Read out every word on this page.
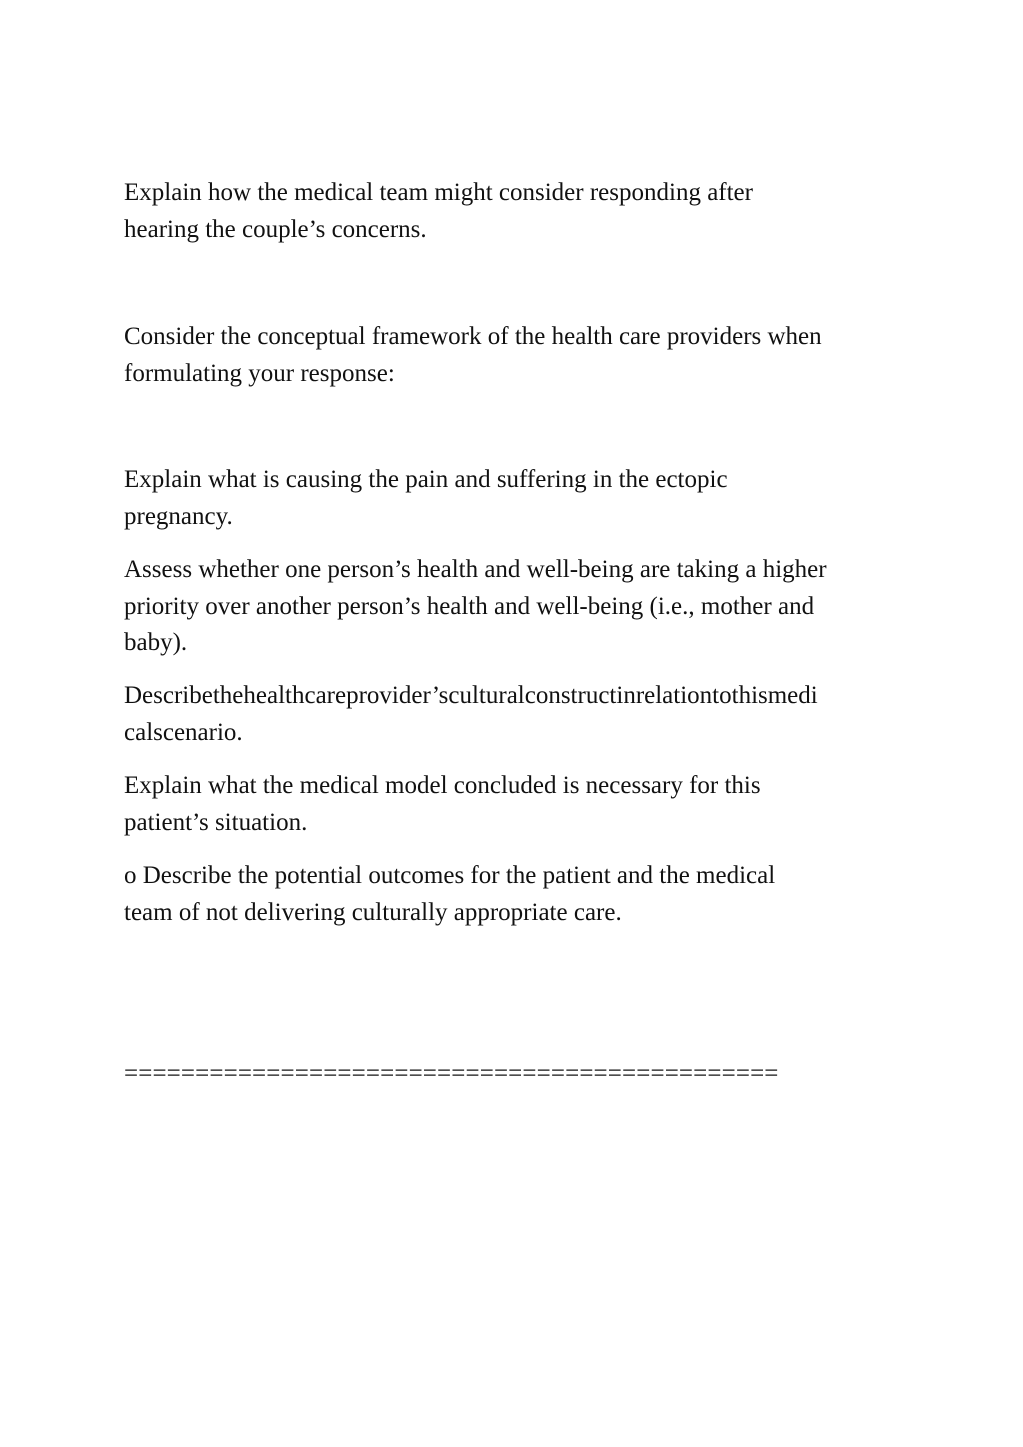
Explain how the medical team might consider responding after
hearing the couple’s concerns.

Consider the conceptual framework of the health care providers when
formulating your response:

Explain what is causing the pain and suffering in the ectopic
pregnancy.

Assess whether one person’s health and well-being are taking a higher
priority over another person’s health and well-being (i.e., mother and
baby).

Describethehealthcareprovider’sculturalconstructinrelationtothismedi
calscenario.

Explain what the medical model concluded is necessary for this
patient’s situation.

o Describe the potential outcomes for the patient and the medical
team of not delivering culturally appropriate care.

==============================================
